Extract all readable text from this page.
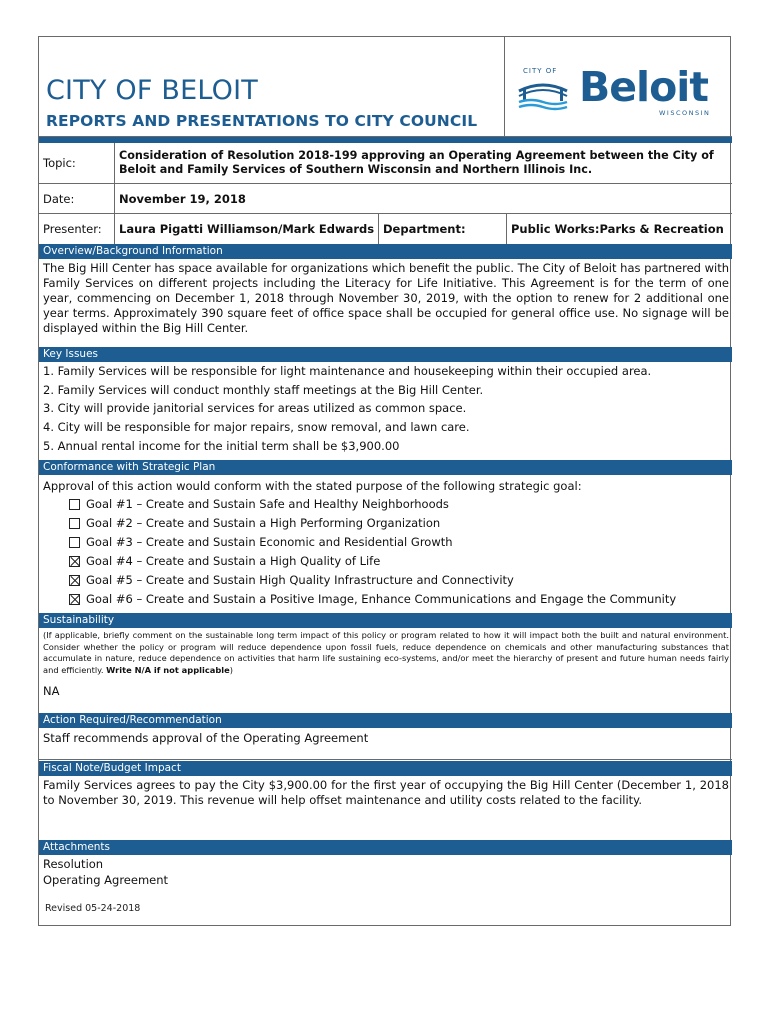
CITY OF BELOIT
REPORTS AND PRESENTATIONS TO CITY COUNCIL
CITY OF Beloit
WISCONSIN
Topic:
Consideration of Resolution 2018-199 approving an Operating Agreement between the City of Beloit and Family Services of Southern Wisconsin and Northern Illinois Inc.
Date:	November 19, 2018
Presenter:	Laura Pigatti Williamson/Mark Edwards Department:	Public Works:Parks & Recreation
Overview/Background Information
The Big Hill Center has space available for organizations which benefit the public. The City of Beloit has partnered with Family Services on different projects including the Literacy for Life Initiative. This Agreement is for the term of one year, commencing on December 1, 2018 through November 30, 2019, with the option to renew for 2 additional one year terms. Approximately 390 square feet of office space shall be occupied for general office use. No signage will be displayed within the Big Hill Center.
Key Issues
1. Family Services will be responsible for light maintenance and housekeeping within their occupied area.
2. Family Services will conduct monthly staff meetings at the Big Hill Center.
3. City will provide janitorial services for areas utilized as common space.
4. City will be responsible for major repairs, snow removal, and lawn care.
5. Annual rental income for the initial term shall be $3,900.00
Conformance with Strategic Plan
Approval of this action would conform with the stated purpose of the following strategic goal:
Goal #1 – Create and Sustain Safe and Healthy Neighborhoods
Goal #2 – Create and Sustain a High Performing Organization
Goal #3 – Create and Sustain Economic and Residential Growth
Goal #4 – Create and Sustain a High Quality of Life
Goal #5 – Create and Sustain High Quality Infrastructure and Connectivity
Goal #6 – Create and Sustain a Positive Image, Enhance Communications and Engage the Community
Sustainability
(If applicable, briefly comment on the sustainable long term impact of this policy or program related to how it will impact both the built and natural environment. Consider whether the policy or program will reduce dependence upon fossil fuels, reduce dependence on chemicals and other manufacturing substances that accumulate in nature, reduce dependence on activities that harm life sustaining eco-systems, and/or meet the hierarchy of present and future human needs fairly and efficiently. Write N/A if not applicable)
NA
Action Required/Recommendation
Staff recommends approval of the Operating Agreement
Fiscal Note/Budget Impact
Family Services agrees to pay the City $3,900.00 for the first year of occupying the Big Hill Center (December 1, 2018 to November 30, 2019. This revenue will help offset maintenance and utility costs related to the facility.
Attachments
Resolution
Operating Agreement
Revised 05-24-2018
